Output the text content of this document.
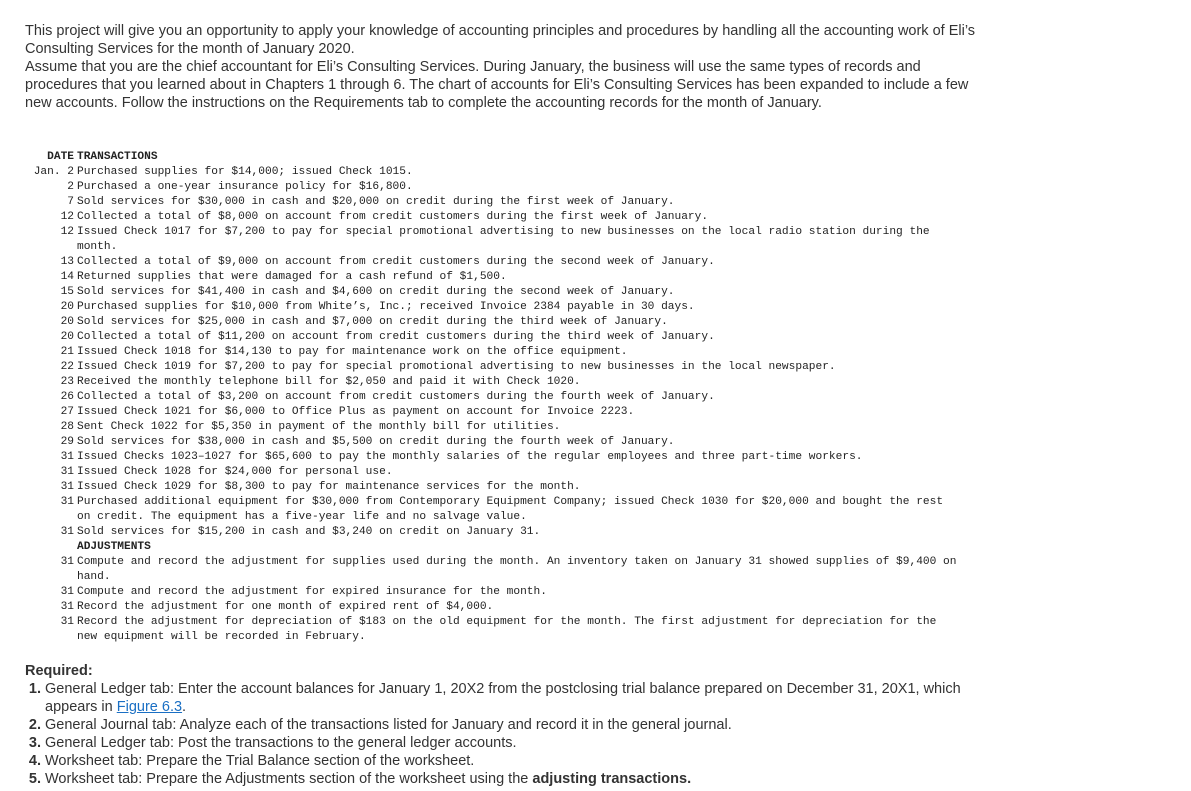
This project will give you an opportunity to apply your knowledge of accounting principles and procedures by handling all the accounting work of Eli’s Consulting Services for the month of January 2020.

Assume that you are the chief accountant for Eli’s Consulting Services. During January, the business will use the same types of records and procedures that you learned about in Chapters 1 through 6. The chart of accounts for Eli’s Consulting Services has been expanded to include a few new accounts. Follow the instructions on the Requirements tab to complete the accounting records for the month of January.

DATE TRANSACTIONS
Jan. 2 Purchased supplies for $14,000; issued Check 1015.
2 Purchased a one-year insurance policy for $16,800.
7 Sold services for $30,000 in cash and $20,000 on credit during the first week of January.
12 Collected a total of $8,000 on account from credit customers during the first week of January.
12 Issued Check 1017 for $7,200 to pay for special promotional advertising to new businesses on the local radio station during the month.
13 Collected a total of $9,000 on account from credit customers during the second week of January.
14 Returned supplies that were damaged for a cash refund of $1,500.
15 Sold services for $41,400 in cash and $4,600 on credit during the second week of January.
20 Purchased supplies for $10,000 from White’s, Inc.; received Invoice 2384 payable in 30 days.
20 Sold services for $25,000 in cash and $7,000 on credit during the third week of January.
20 Collected a total of $11,200 on account from credit customers during the third week of January.
21 Issued Check 1018 for $14,130 to pay for maintenance work on the office equipment.
22 Issued Check 1019 for $7,200 to pay for special promotional advertising to new businesses in the local newspaper.
23 Received the monthly telephone bill for $2,050 and paid it with Check 1020.
26 Collected a total of $3,200 on account from credit customers during the fourth week of January.
27 Issued Check 1021 for $6,000 to Office Plus as payment on account for Invoice 2223.
28 Sent Check 1022 for $5,350 in payment of the monthly bill for utilities.
29 Sold services for $38,000 in cash and $5,500 on credit during the fourth week of January.
31 Issued Checks 1023–1027 for $65,600 to pay the monthly salaries of the regular employees and three part-time workers.
31 Issued Check 1028 for $24,000 for personal use.
31 Issued Check 1029 for $8,300 to pay for maintenance services for the month.
31 Purchased additional equipment for $30,000 from Contemporary Equipment Company; issued Check 1030 for $20,000 and bought the rest on credit. The equipment has a five-year life and no salvage value.
31 Sold services for $15,200 in cash and $3,240 on credit on January 31.
ADJUSTMENTS
31 Compute and record the adjustment for supplies used during the month. An inventory taken on January 31 showed supplies of $9,400 on hand.
31 Compute and record the adjustment for expired insurance for the month.
31 Record the adjustment for one month of expired rent of $4,000.
31 Record the adjustment for depreciation of $183 on the old equipment for the month. The first adjustment for depreciation for the new equipment will be recorded in February.
Required:
1. General Ledger tab: Enter the account balances for January 1, 20X2 from the postclosing trial balance prepared on December 31, 20X1, which appears in Figure 6.3.
2. General Journal tab: Analyze each of the transactions listed for January and record it in the general journal.
3. General Ledger tab: Post the transactions to the general ledger accounts.
4. Worksheet tab: Prepare the Trial Balance section of the worksheet.
5. Worksheet tab: Prepare the Adjustments section of the worksheet using the adjusting transactions.
